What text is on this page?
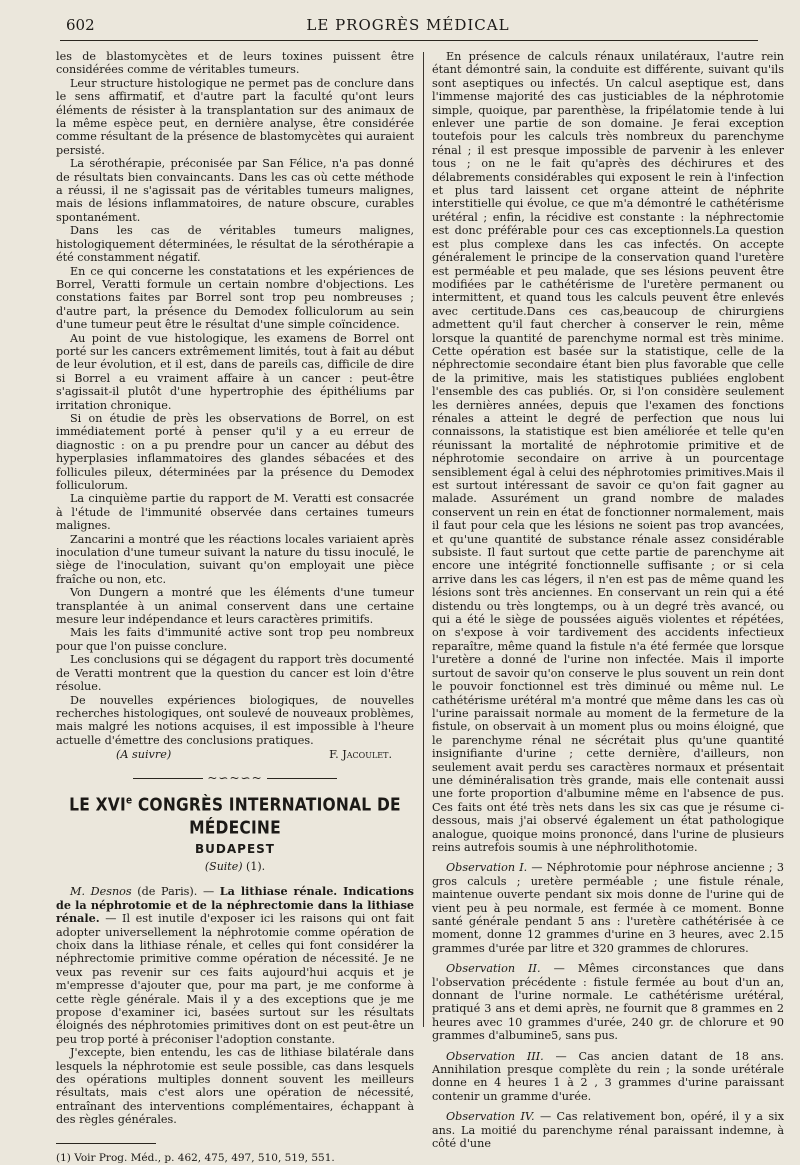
602	LE PROGRÈS MÉDICAL

les de blastomycètes et de leurs toxines puissent être considérées comme de véritables tumeurs.

Leur structure histologique ne permet pas de conclure dans le sens affirmatif, et d'autre part la faculté qu'ont leurs éléments de résister à la transplantation sur des animaux de la même espèce peut, en dernière analyse, être considérée comme résultant de la présence de blastomycètes qui auraient persisté.

La sérothérapie, préconisée par San Félice, n'a pas donné de résultats bien convaincants. Dans les cas où cette méthode a réussi, il ne s'agissait pas de véritables tumeurs malignes, mais de lésions inflammatoires, de nature obscure, curables spontanément.

Dans les cas de véritables tumeurs malignes, histologiquement déterminées, le résultat de la sérothérapie a été constamment négatif.

En ce qui concerne les constatations et les expériences de Borrel, Veratti formule un certain nombre d'objections. Les constations faites par Borrel sont trop peu nombreuses ; d'autre part, la présence du Demodex folliculorum au sein d'une tumeur peut être le résultat d'une simple coïncidence.

Au point de vue histologique, les examens de Borrel ont porté sur les cancers extrêmement limités, tout à fait au début de leur évolution, et il est, dans de pareils cas, difficile de dire si Borrel a eu vraiment affaire à un cancer : peut-être s'agissait-il plutôt d'une hypertrophie des épithéliums par irritation chronique.

Si on étudie de près les observations de Borrel, on est immédiatement porté à penser qu'il y a eu erreur de diagnostic : on a pu prendre pour un cancer au début des hyperplasies inflammatoires des glandes sébacées et des follicules pileux, déterminées par la présence du Demodex folliculorum.

La cinquième partie du rapport de M. Veratti est consacrée à l'étude de l'immunité observée dans certaines tumeurs malignes.

Zancarini a montré que les réactions locales variaient après inoculation d'une tumeur suivant la nature du tissu inoculé, le siège de l'inoculation, suivant qu'on employait une pièce fraîche ou non, etc.

Von Dungern a montré que les éléments d'une tumeur transplantée à un animal conservent dans une certaine mesure leur indépendance et leurs caractères primitifs.

Mais les faits d'immunité active sont trop peu nombreux pour que l'on puisse conclure.

Les conclusions qui se dégagent du rapport très documenté de Veratti montrent que la question du cancer est loin d'être résolue.

De nouvelles expériences biologiques, de nouvelles recherches histologiques, ont soulevé de nouveaux problèmes, mais malgré les notions acquises, il est impossible à l'heure actuelle d'émettre des conclusions pratiques.

(A suivre)	F. Jacoulet.

~∽~∽~
LE XVIe CONGRÈS INTERNATIONAL DE MÉDECINE
BUDAPEST
(Suite) (1).

M. Desnos (de Paris). — La lithiase rénale. Indications de la néphrotomie et de la néphrectomie dans la lithiase rénale. — Il est inutile d'exposer ici les raisons qui ont fait adopter universellement la néphrotomie comme opération de choix dans la lithiase rénale, et celles qui font considérer la néphrectomie primitive comme opération de nécessité. Je ne veux pas revenir sur ces faits aujourd'hui acquis et je m'empresse d'ajouter que, pour ma part, je me conforme à cette règle générale. Mais il y a des exceptions que je me propose d'examiner ici, basées surtout sur les résultats éloignés des néphrotomies primitives dont on est peut-être un peu trop porté à préconiser l'adoption constante.

J'excepte, bien entendu, les cas de lithiase bilatérale dans lesquels la néphrotomie est seule possible, cas dans lesquels des opérations multiples donnent souvent les meilleurs résultats, mais c'est alors une opération de nécessité, entraînant des interventions complémentaires, échappant à des règles générales.

(1) Voir Prog. Méd., p. 462, 475, 497, 510, 519, 551.

En présence de calculs rénaux unilatéraux, l'autre rein étant démontré sain, la conduite est différente, suivant qu'ils sont aseptiques ou infectés. Un calcul aseptique est, dans l'immense majorité des cas justiciables de la néphrotomie simple, quoique, par parenthèse, la fripélatomie tende à lui enlever une partie de son domaine. Je ferai exception toutefois pour les calculs très nombreux du parenchyme rénal ; il est presque impossible de parvenir à les enlever tous ; on ne le fait qu'après des déchirures et des délabrements considérables qui exposent le rein à l'infection et plus tard laissent cet organe atteint de néphrite interstitielle qui évolue, ce que m'a démontré le cathétérisme urétéral ; enfin, la récidive est constante : la néphrectomie est donc préférable pour ces cas exceptionnels.La question est plus complexe dans les cas infectés. On accepte généralement le principe de la conservation quand l'uretère est perméable et peu malade, que ses lésions peuvent être modifiées par le cathétérisme de l'uretère permanent ou intermittent, et quand tous les calculs peuvent être enlevés avec certitude.Dans ces cas,beaucoup de chirurgiens admettent qu'il faut chercher à conserver le rein, même lorsque la quantité de parenchyme normal est très minime. Cette opération est basée sur la statistique, celle de la néphrectomie secondaire étant bien plus favorable que celle de la primitive, mais les statistiques publiées englobent l'ensemble des cas publiés. Or, si l'on considère seulement les dernières années, depuis que l'examen des fonctions rénales a atteint le degré de perfection que nous lui connaissons, la statistique est bien améliorée et telle qu'en réunissant la mortalité de néphrotomie primitive et de néphrotomie secondaire on arrive à un pourcentage sensiblement égal à celui des néphrotomies primitives.Mais il est surtout intéressant de savoir ce qu'on fait gagner au malade. Assurément un grand nombre de malades conservent un rein en état de fonctionner normalement, mais il faut pour cela que les lésions ne soient pas trop avancées, et qu'une quantité de substance rénale assez considérable subsiste. Il faut surtout que cette partie de parenchyme ait encore une intégrité fonctionnelle suffisante ; or si cela arrive dans les cas légers, il n'en est pas de même quand les lésions sont très anciennes. En conservant un rein qui a été distendu ou très longtemps, ou à un degré très avancé, ou qui a été le siège de poussées aiguës violentes et répétées, on s'expose à voir tardivement des accidents infectieux reparaître, même quand la fistule n'a été fermée que lorsque l'uretère a donné de l'urine non infectée. Mais il importe surtout de savoir qu'on conserve le plus souvent un rein dont le pouvoir fonctionnel est très diminué ou même nul. Le cathétérisme urétéral m'a montré que même dans les cas où l'urine paraissait normale au moment de la fermeture de la fistule, on observait à un moment plus ou moins éloigné, que le parenchyme rénal ne sécrétait plus qu'une quantité insignifiante d'urine ; cette dernière, d'ailleurs, non seulement avait perdu ses caractères normaux et présentait une déminéralisation très grande, mais elle contenait aussi une forte proportion d'albumine même en l'absence de pus. Ces faits ont été très nets dans les six cas que je résume ci-dessous, mais j'ai observé également un état pathologique analogue, quoique moins prononcé, dans l'urine de plusieurs reins autrefois soumis à une néphrolithotomie.

Observation I. — Néphrotomie pour néphrose ancienne ; 3 gros calculs ; uretère perméable ; une fistule rénale, maintenue ouverte pendant six mois donne de l'urine qui de vient peu à peu normale, est fermée à ce moment. Bonne santé générale pendant 5 ans : l'uretère cathétérisée à ce moment, donne 12 grammes d'urine en 3 heures, avec 2.15 grammes d'urée par litre et 320 grammes de chlorures.

Observation II. — Mêmes circonstances que dans l'observation précédente : fistule fermée au bout d'un an, donnant de l'urine normale. Le cathétérisme urétéral, pratiqué 3 ans et demi après, ne fournit que 8 grammes en 2 heures avec 10 grammes d'urée, 240 gr. de chlorure et 90 grammes d'albumine5, sans pus.

Observation III. — Cas ancien datant de 18 ans. Annihilation presque complète du rein ; la sonde urétérale donne en 4 heures 1 à 2 , 3 grammes d'urine paraissant contenir un gramme d'urée.

Observation IV. — Cas relativement bon, opéré, il y a six ans. La moitié du parenchyme rénal paraissant indemne, à côté d'une
